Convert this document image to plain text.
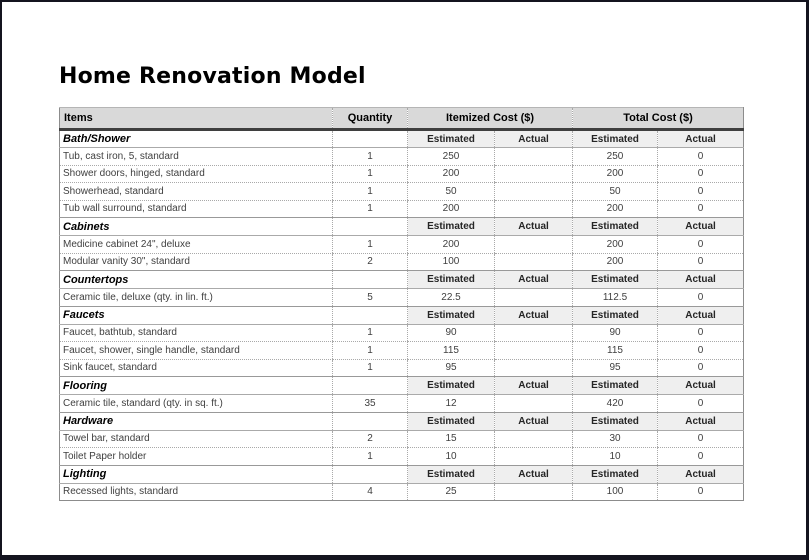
Home Renovation Model
Items	Quantity	Itemized Cost ($)		Total Cost ($)	
Bath/Shower		Estimated	Actual	Estimated	Actual
Tub, cast iron, 5, standard	1	250		250	0
Shower doors, hinged, standard	1	200		200	0
Showerhead, standard	1	50		50	0
Tub wall surround, standard	1	200		200	0
Cabinets		Estimated	Actual	Estimated	Actual
Medicine cabinet 24", deluxe	1	200		200	0
Modular vanity 30", standard	2	100		200	0
Countertops		Estimated	Actual	Estimated	Actual
Ceramic tile, deluxe (qty. in lin. ft.)	5	22.5		112.5	0
Faucets		Estimated	Actual	Estimated	Actual
Faucet, bathtub, standard	1	90		90	0
Faucet, shower, single handle, standard	1	115		115	0
Sink faucet, standard	1	95		95	0
Flooring		Estimated	Actual	Estimated	Actual
Ceramic tile, standard (qty. in sq. ft.)	35	12		420	0
Hardware		Estimated	Actual	Estimated	Actual
Towel bar, standard	2	15		30	0
Toilet Paper holder	1	10		10	0
Lighting		Estimated	Actual	Estimated	Actual
Recessed lights, standard	4	25		100	0
